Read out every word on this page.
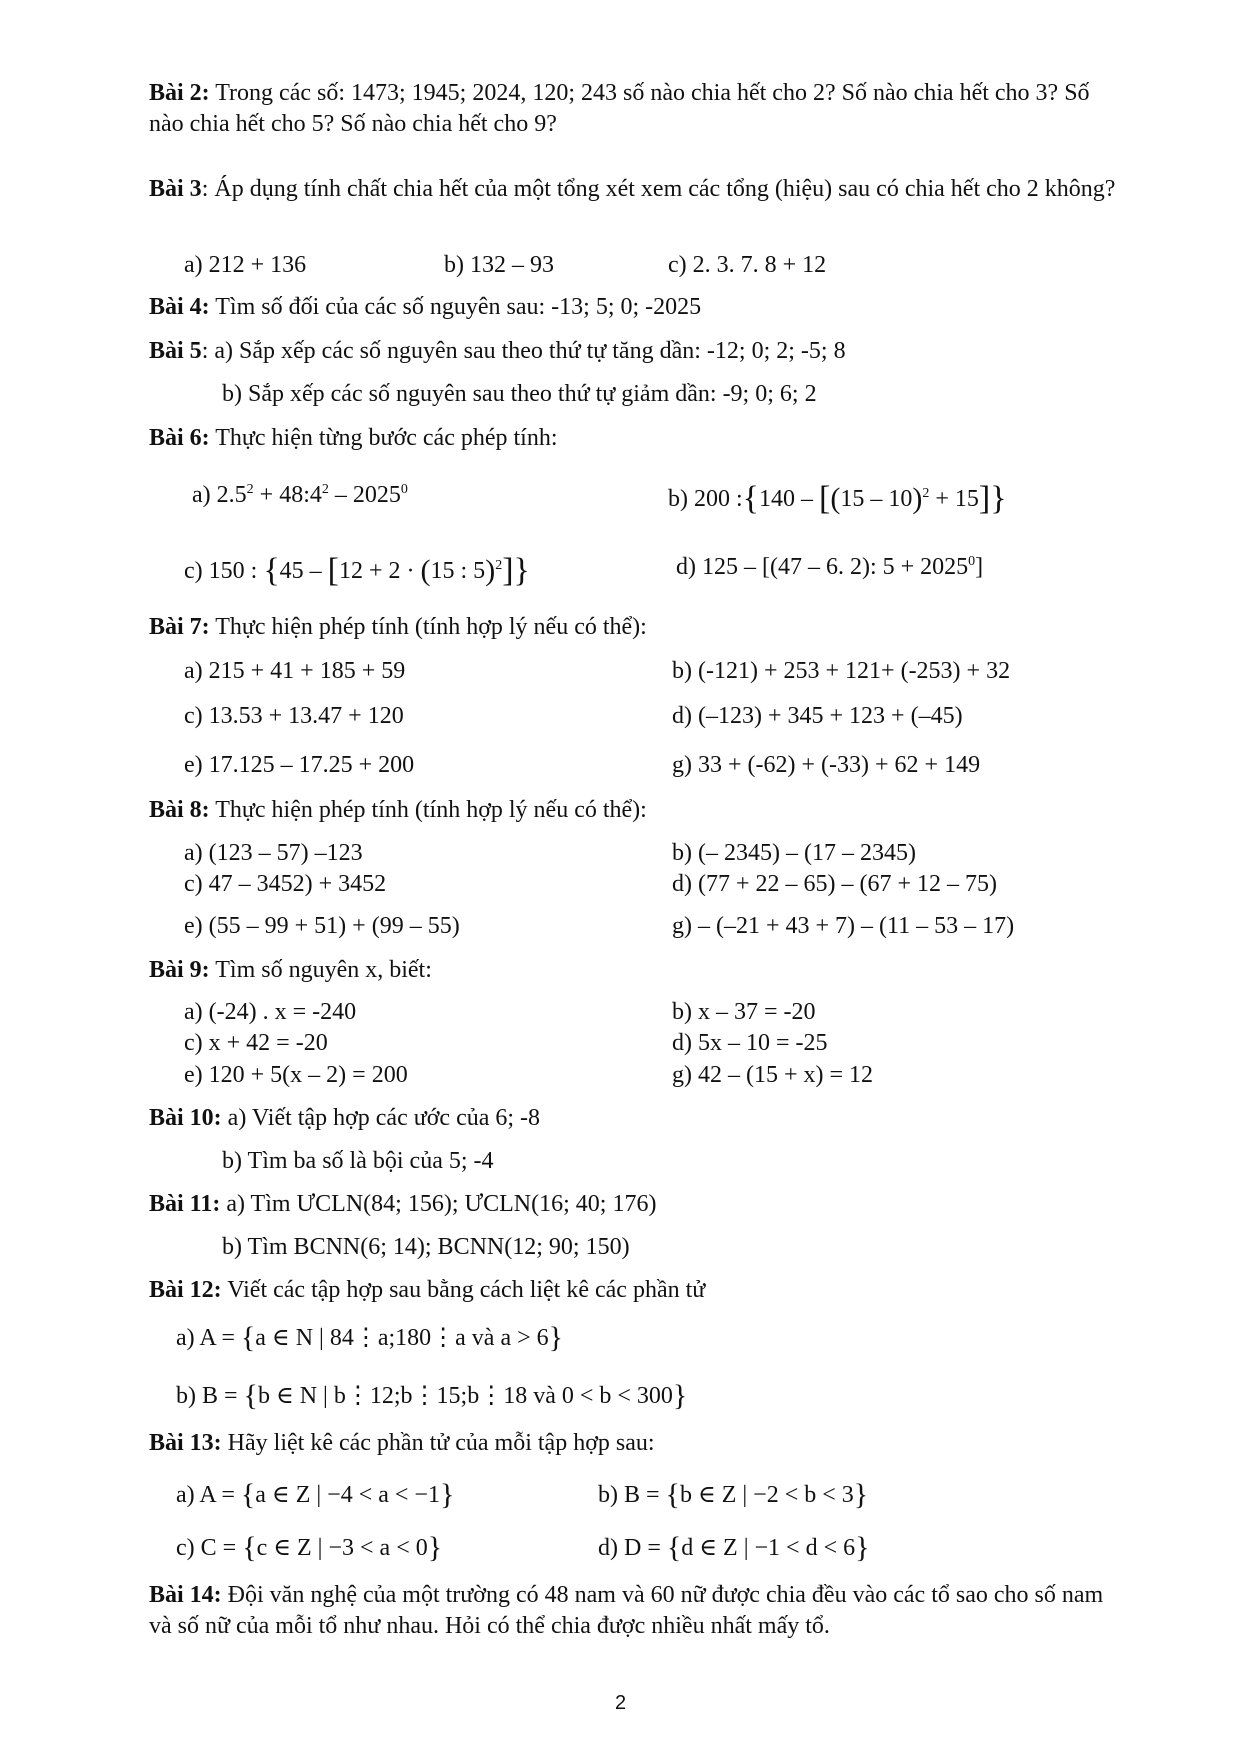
Bài 2: Trong các số: 1473; 1945; 2024, 120; 243 số nào chia hết cho 2? Số nào chia hết cho 3? Số nào chia hết cho 5? Số nào chia hết cho 9?

Bài 3: Áp dụng tính chất chia hết của một tổng xét xem các tổng (hiệu) sau có chia hết cho 2 không?

a) 212 + 136	b) 132 – 93	c) 2. 3. 7. 8 + 12

Bài 4: Tìm số đối của các số nguyên sau: -13; 5; 0; -2025

Bài 5: a) Sắp xếp các số nguyên sau theo thứ tự tăng dần: -12; 0; 2; -5; 8

b) Sắp xếp các số nguyên sau theo thứ tự giảm dần: -9; 0; 6; 2

Bài 6: Thực hiện từng bước các phép tính:

a) $2.5^2$ + $48:4^2 - 2025^0$	b) 200 :{140 – [(15 – 10)$^2$ + 15]}
c) 150 : {45 – [12 + 2 · (15 : 5)$^2$]}	d) 125 – [(47 – 6. 2): $5 + 2025^0$]

Bài 7: Thực hiện phép tính (tính hợp lý nếu có thể):

a) 215 + 41 + 185 + 59	b) (-121) + 253 + 121+ (-253) + 32
c) 13.53 + 13.47 + 120	d) (–123) + 345 + 123 + (–45)
e) 17.125 – 17.25 + 200	g) 33 + (-62) + (-33) + 62 + 149

Bài 8: Thực hiện phép tính (tính hợp lý nếu có thể):

a) (123 – 57) –123	b) (– 2345) – (17 – 2345)
c) 47 – 3452) + 3452	d) (77 + 22 – 65) – (67 + 12 – 75)
e) (55 – 99 + 51) + (99 – 55)	g) – (–21 + 43 + 7) – (11 – 53 – 17)

Bài 9: Tìm số nguyên x, biết:

a) (-24) . x = -240	b) x – 37 = -20
c) x + 42 = -20	d) 5x – 10 = -25
e) 120 + 5(x – 2) = 200	g) 42 – (15 + x) = 12

Bài 10: a) Viết tập hợp các ước của 6; -8

b) Tìm ba số là bội của 5; -4

Bài 11: a) Tìm ƯCLN(84; 156); ƯCLN(16; 40; 176)

b) Tìm BCNN(6; 14); BCNN(12; 90; 150)

Bài 12: Viết các tập hợp sau bằng cách liệt kê các phần tử

a) A = {a ∈ N | 84⋮a;180⋮a và a > 6}
b) B = {b ∈ N | b⋮12;b⋮15;b⋮18 và 0 < b < 300}

Bài 13: Hãy liệt kê các phần tử của mỗi tập hợp sau:

a) A = {a ∈ Z | −4 < a < −1}	b) B = {b ∈ Z | −2 < b < 3}
c) C = {c ∈ Z | −3 < a < 0}	d) D = {d ∈ Z | −1 < d < 6}

Bài 14: Đội văn nghệ của một trường có 48 nam và 60 nữ được chia đều vào các tổ sao cho số nam và số nữ của mỗi tổ như nhau. Hỏi có thể chia được nhiều nhất mấy tổ.

2
